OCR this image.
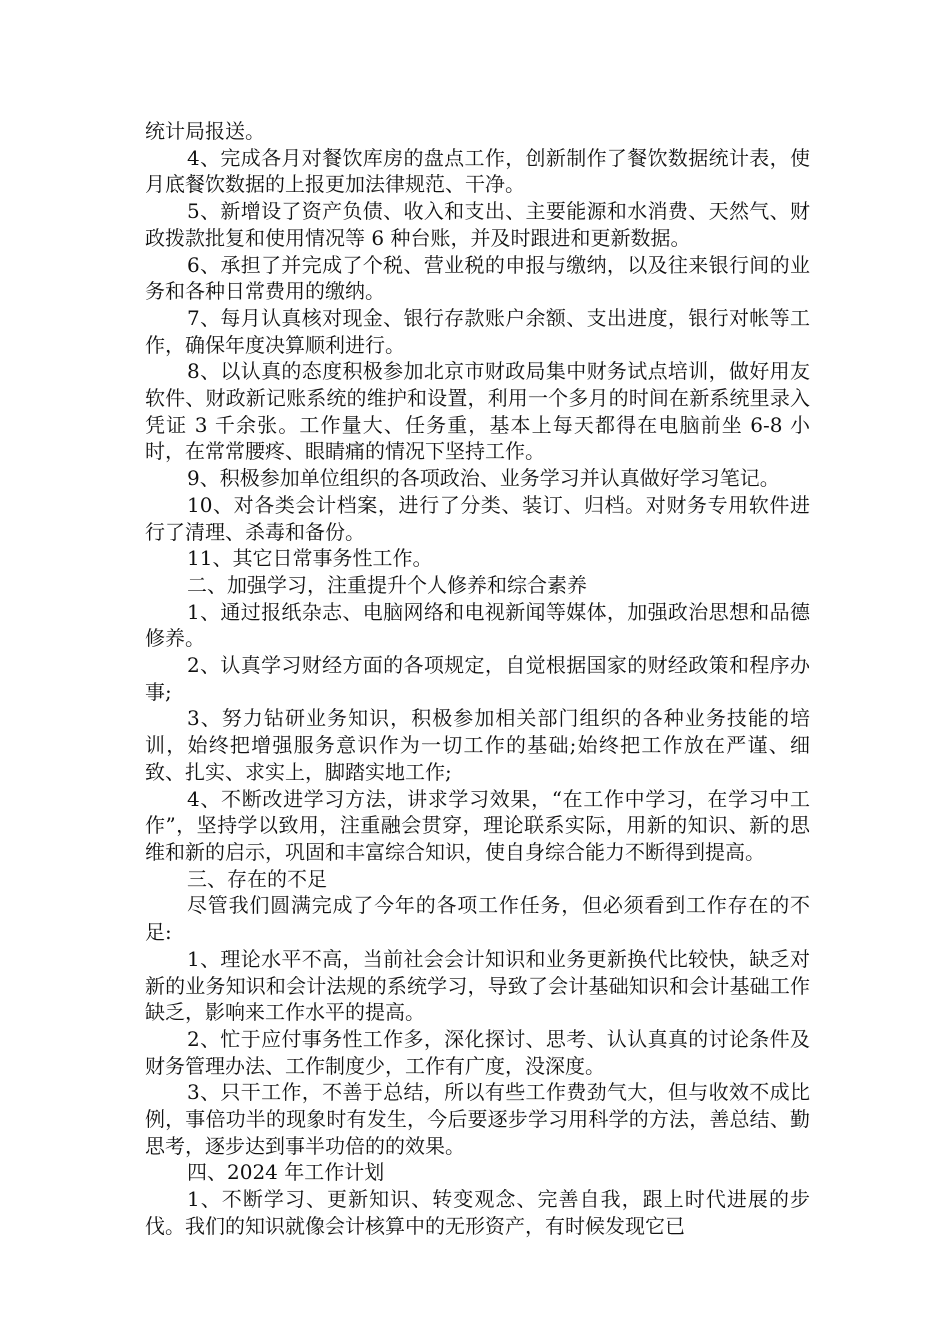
统计局报送。

4、完成各月对餐饮库房的盘点工作，创新制作了餐饮数据统计表，使月底餐饮数据的上报更加法律规范、干净。

5、新增设了资产负债、收入和支出、主要能源和水消费、天然气、财政拨款批复和使用情况等 6 种台账，并及时跟进和更新数据。

6、承担了并完成了个税、营业税的申报与缴纳，以及往来银行间的业务和各种日常费用的缴纳。

7、每月认真核对现金、银行存款账户余额、支出进度，银行对帐等工作，确保年度决算顺利进行。

8、以认真的态度积极参加北京市财政局集中财务试点培训，做好用友软件、财政新记账系统的维护和设置，利用一个多月的时间在新系统里录入凭证 3 千余张。工作量大、任务重，基本上每天都得在电脑前坐 6-8 小时，在常常腰疼、眼睛痛的情况下坚持工作。

9、积极参加单位组织的各项政治、业务学习并认真做好学习笔记。

10、对各类会计档案，进行了分类、装订、归档。对财务专用软件进行了清理、杀毒和备份。

11、其它日常事务性工作。

二、加强学习，注重提升个人修养和综合素养

1、通过报纸杂志、电脑网络和电视新闻等媒体，加强政治思想和品德修养。

2、认真学习财经方面的各项规定，自觉根据国家的财经政策和程序办事;

3、努力钻研业务知识，积极参加相关部门组织的各种业务技能的培训，始终把增强服务意识作为一切工作的基础;始终把工作放在严谨、细致、扎实、求实上，脚踏实地工作;

4、不断改进学习方法，讲求学习效果，“在工作中学习，在学习中工作”，坚持学以致用，注重融会贯穿，理论联系实际，用新的知识、新的思维和新的启示，巩固和丰富综合知识，使自身综合能力不断得到提高。

三、存在的不足

尽管我们圆满完成了今年的各项工作任务，但必须看到工作存在的不足:

1、理论水平不高，当前社会会计知识和业务更新换代比较快，缺乏对新的业务知识和会计法规的系统学习，导致了会计基础知识和会计基础工作缺乏，影响来工作水平的提高。

2、忙于应付事务性工作多，深化探讨、思考、认认真真的讨论条件及财务管理办法、工作制度少，工作有广度，没深度。

3、只干工作，不善于总结，所以有些工作费劲气大，但与收效不成比例，事倍功半的现象时有发生，今后要逐步学习用科学的方法，善总结、勤思考，逐步达到事半功倍的的效果。

四、2024 年工作计划

1、不断学习、更新知识、转变观念、完善自我，跟上时代进展的步伐。我们的知识就像会计核算中的无形资产，有时候发现它已
